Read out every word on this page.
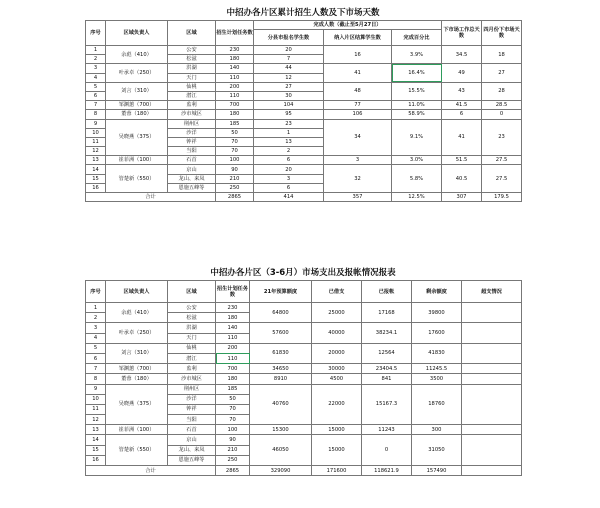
中招办各片区累计招生人数及下市场天数
序号	区域负责人	区域	招生计划任务数	完成人数（截止至5月27日）			下市场工作总天数	四月份下市场天数
				分县市报名学生数	纳入片区结算学生数	完成百分比		
1	余彪（410）	公安	230	20	16	3.9%	34.5	18
2		松滋	180	7				
3	叶承卓（250）	洪湖	140	44	41	16.4%	49	27
4		天门	110	12				
5	刘言（310）	仙桃	200	27	48	15.5%	43	28
6		潜江	110	30				
7	邹渊蕙（700）	监利	700	104	77	11.0%	41.5	28.5
8	董蓉（180）	沙市城区	180	95	106	58.9%	6	0
9	吴晓燕（375）	荆州区	185	23	34	9.1%	41	23
10		沙洋	50	1				
11		钟祥	70	13				
12		当阳	70	2				
13	崔菲洲（100）	石首	100	6	3	3.0%	51.5	27.5
14	管楚新（550）	京山	90	20	32	5.8%	40.5	27.5
15		龙山、来凤	210	3				
16		恩施五峰等	250	6				
合计			2865	414	357	12.5%	307	179.5
中招办各片区（3-6月）市场支出及报帐情况报表
序号	区域负责人	区域	招生计划任务数	21年预算额度	已借支	已报帐	剩余额度	超支情况
1	余彪（410）	公安	230	64800	25000	17168	39800	
2		松滋	180					
3	叶承卓（250）	洪湖	140	57600	40000	38234.1	17600	
4		天门	110					
5	刘言（310）	仙桃	200	61830	20000	12564	41830	
6		潜江	110					
7	邹渊蕙（700）	监利	700	34650	30000	23404.5	11245.5	
8	董蓉（180）	沙市城区	180	8910	4500	841	3500	
9	吴晓燕（375）	荆州区	185	40760	22000	15167.3	18760	
10		沙洋	50					
11		钟祥	70					
12		当阳	70					
13	崔菲洲（100）	石首	100	15300	15000	11243	300	
14	管楚新（550）	京山	90	46050	15000	0	31050	
15		龙山、来凤	210					
16		恩施五峰等	250					
合计			2865	329090	171600	118621.9	157490	
